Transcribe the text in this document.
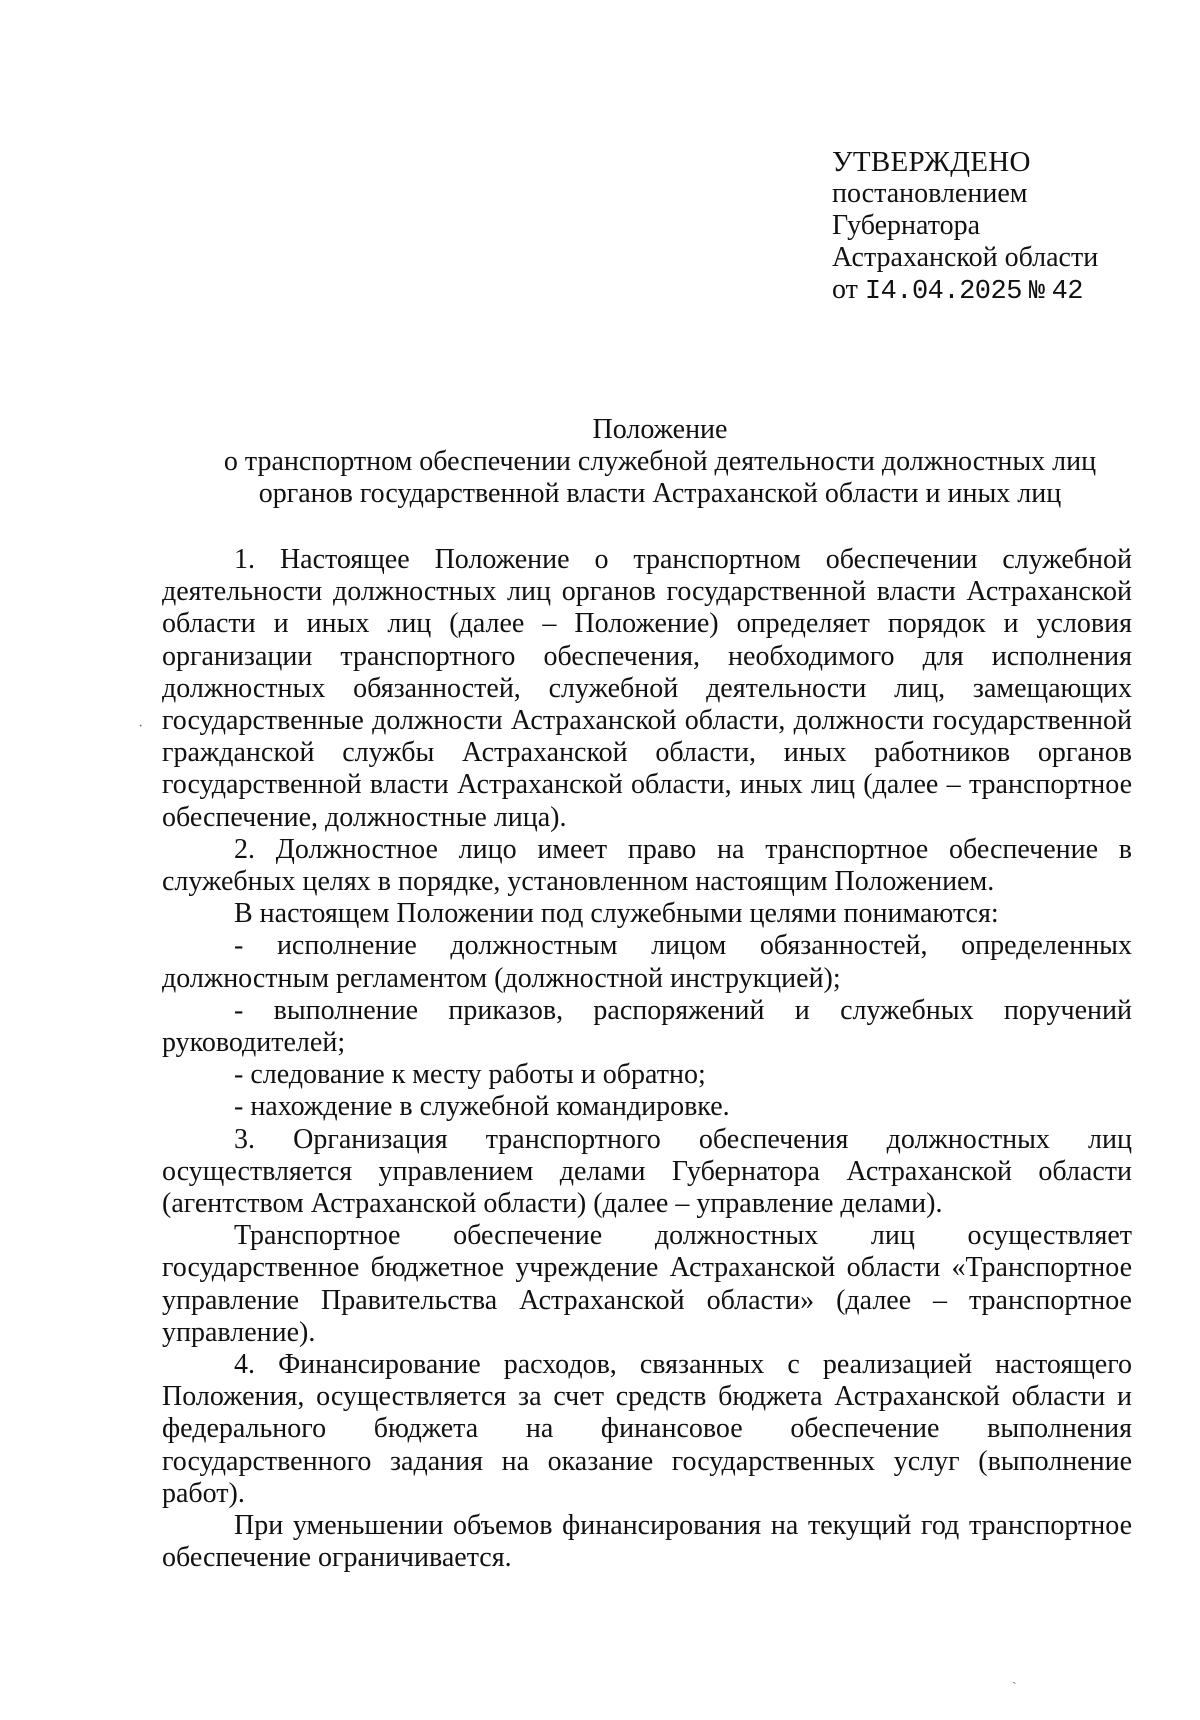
УТВЕРЖДЕНО
постановлением
Губернатора
Астраханской области
от I4.04.2025 № 42
Положение
о транспортном обеспечении служебной деятельности должностных лиц
органов государственной власти Астраханской области и иных лиц

1. Настоящее Положение о транспортном обеспечении служебной деятельности должностных лиц органов государственной власти Астраханской области и иных лиц (далее – Положение) определяет порядок и условия организации транспортного обеспечения, необходимого для исполнения должностных обязанностей, служебной деятельности лиц, замещающих государственные должности Астраханской области, должности государственной гражданской службы Астраханской области, иных работников органов государственной власти Астраханской области, иных лиц (далее – транспортное обеспечение, должностные лица).

2. Должностное лицо имеет право на транспортное обеспечение в служебных целях в порядке, установленном настоящим Положением.

В настоящем Положении под служебными целями понимаются:

- исполнение должностным лицом обязанностей, определенных должностным регламентом (должностной инструкцией);

- выполнение приказов, распоряжений и служебных поручений руководителей;

- следование к месту работы и обратно;

- нахождение в служебной командировке.

3. Организация транспортного обеспечения должностных лиц осуществляется управлением делами Губернатора Астраханской области (агентством Астраханской области) (далее – управление делами).

Транспортное обеспечение должностных лиц осуществляет государственное бюджетное учреждение Астраханской области «Транспортное управление Правительства Астраханской области» (далее – транспортное управление).

4. Финансирование расходов, связанных с реализацией настоящего Положения, осуществляется за счет средств бюджета Астраханской области и федерального бюджета на финансовое обеспечение выполнения государственного задания на оказание государственных услуг (выполнение работ).

При уменьшении объемов финансирования на текущий год транспортное обеспечение ограничивается.

·
ˎ
